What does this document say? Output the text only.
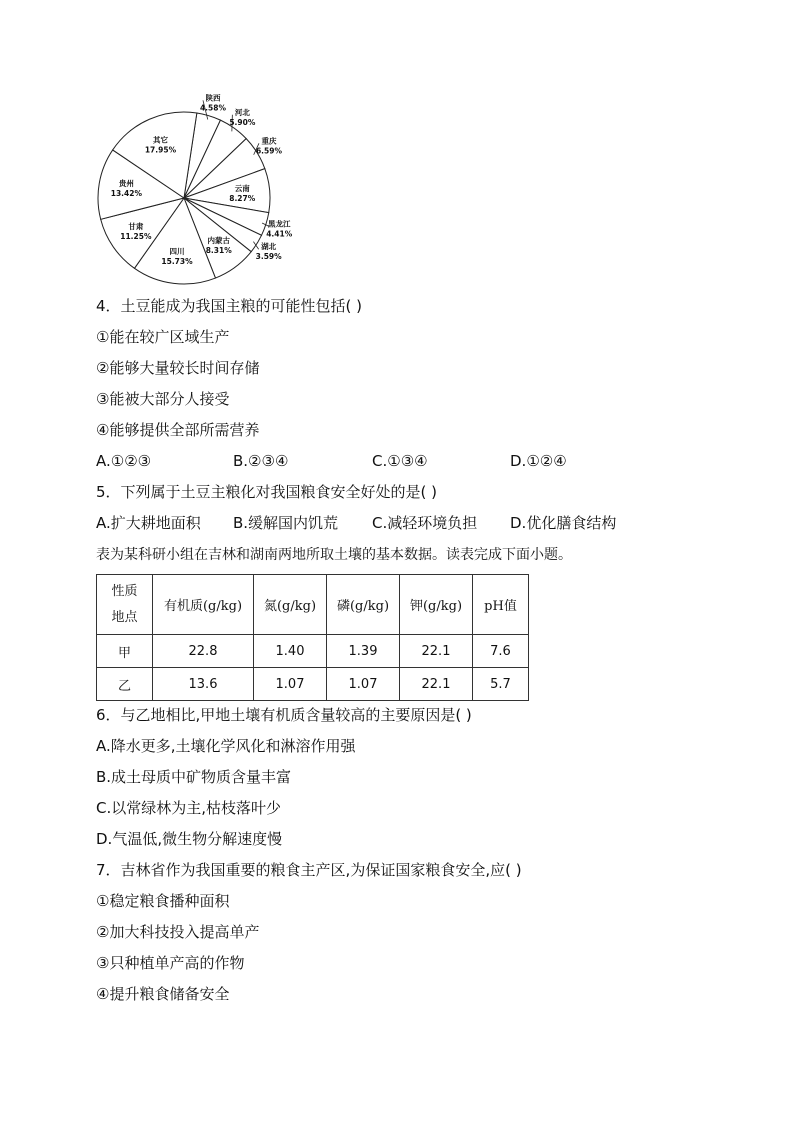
陕西
4.58% 河北
5.90%
重庆
6.59%
云南
8.27%
黑龙江
4.41%
湖北
3.59%
内蒙古
8.31%
四川
15.73%
甘肃
11.25%
贵州
13.42%
其它
17.95%
4．土豆能成为我国主粮的可能性包括( )
①能在较广区域生产
②能够大量较长时间存储
③能被大部分人接受
④能够提供全部所需营养
A.①②③	B.②③④	C.①③④	D.①②④
5．下列属于土豆主粮化对我国粮食安全好处的是( )
A.扩大耕地面积 B.缓解国内饥荒 C.减轻环境负担 D.优化膳食结构
表为某科研小组在吉林和湖南两地所取土壤的基本数据。读表完成下面小题。
性质
地点	有机质(g/kg)	氮(g/kg)	磷(g/kg)	钾(g/kg)	pH值
甲	22.8	1.40	1.39	22.1	7.6
乙	13.6	1.07	1.07	22.1	5.7
6．与乙地相比,甲地土壤有机质含量较高的主要原因是( )
A.降水更多,土壤化学风化和淋溶作用强
B.成土母质中矿物质含量丰富
C.以常绿林为主,枯枝落叶少
D.气温低,微生物分解速度慢
7．吉林省作为我国重要的粮食主产区,为保证国家粮食安全,应( )
①稳定粮食播种面积
②加大科技投入提高单产
③只种植单产高的作物
④提升粮食储备安全
